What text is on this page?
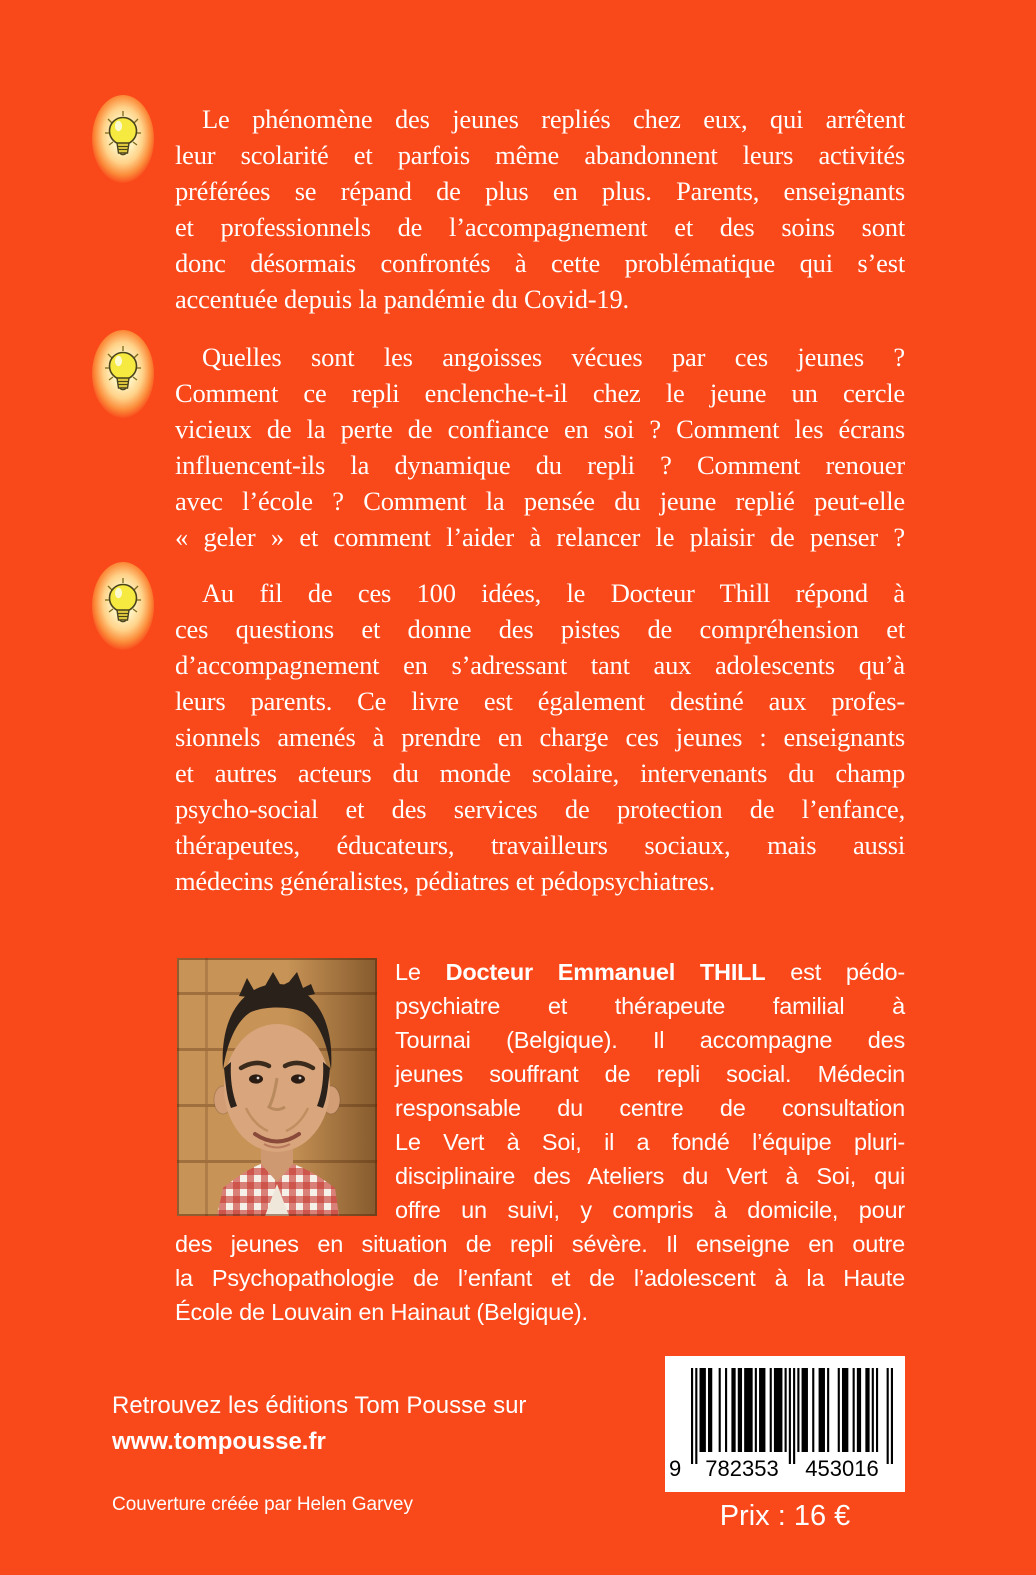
Le phénomène des jeunes repliés chez eux, qui arrêtent
leur scolarité et parfois même abandonnent leurs activités
préférées se répand de plus en plus. Parents, enseignants
et professionnels de l’accompagnement et des soins sont
donc désormais confrontés à cette problématique qui s’est
accentuée depuis la pandémie du Covid-19.
Quelles sont les angoisses vécues par ces jeunes ?
Comment ce repli enclenche-t-il chez le jeune un cercle
vicieux de la perte de confiance en soi ? Comment les écrans
influencent-ils la dynamique du repli ? Comment renouer
avec l’école ? Comment la pensée du jeune replié peut-elle
« geler » et comment l’aider à relancer le plaisir de penser ?
Au fil de ces 100 idées, le Docteur Thill répond à
ces questions et donne des pistes de compréhension et
d’accompagnement en s’adressant tant aux adolescents qu’à
leurs parents. Ce livre est également destiné aux profes-
sionnels amenés à prendre en charge ces jeunes : enseignants
et autres acteurs du monde scolaire, intervenants du champ
psycho-social et des services de protection de l’enfance,
thérapeutes, éducateurs, travailleurs sociaux, mais aussi
médecins généralistes, pédiatres et pédopsychiatres.
Le Docteur Emmanuel THILL est pédo-
psychiatre et thérapeute familial à
Tournai (Belgique). Il accompagne des
jeunes souffrant de repli social. Médecin
responsable du centre de consultation
Le Vert à Soi, il a fondé l’équipe pluri-
disciplinaire des Ateliers du Vert à Soi, qui
offre un suivi, y compris à domicile, pour
des jeunes en situation de repli sévère. Il enseigne en outre
la Psychopathologie de l’enfant et de l’adolescent à la Haute
École de Louvain en Hainaut (Belgique).
Retrouvez les éditions Tom Pousse sur
www.tompousse.fr
Couverture créée par Helen Garvey
9	782353 453016
Prix : 16 €
